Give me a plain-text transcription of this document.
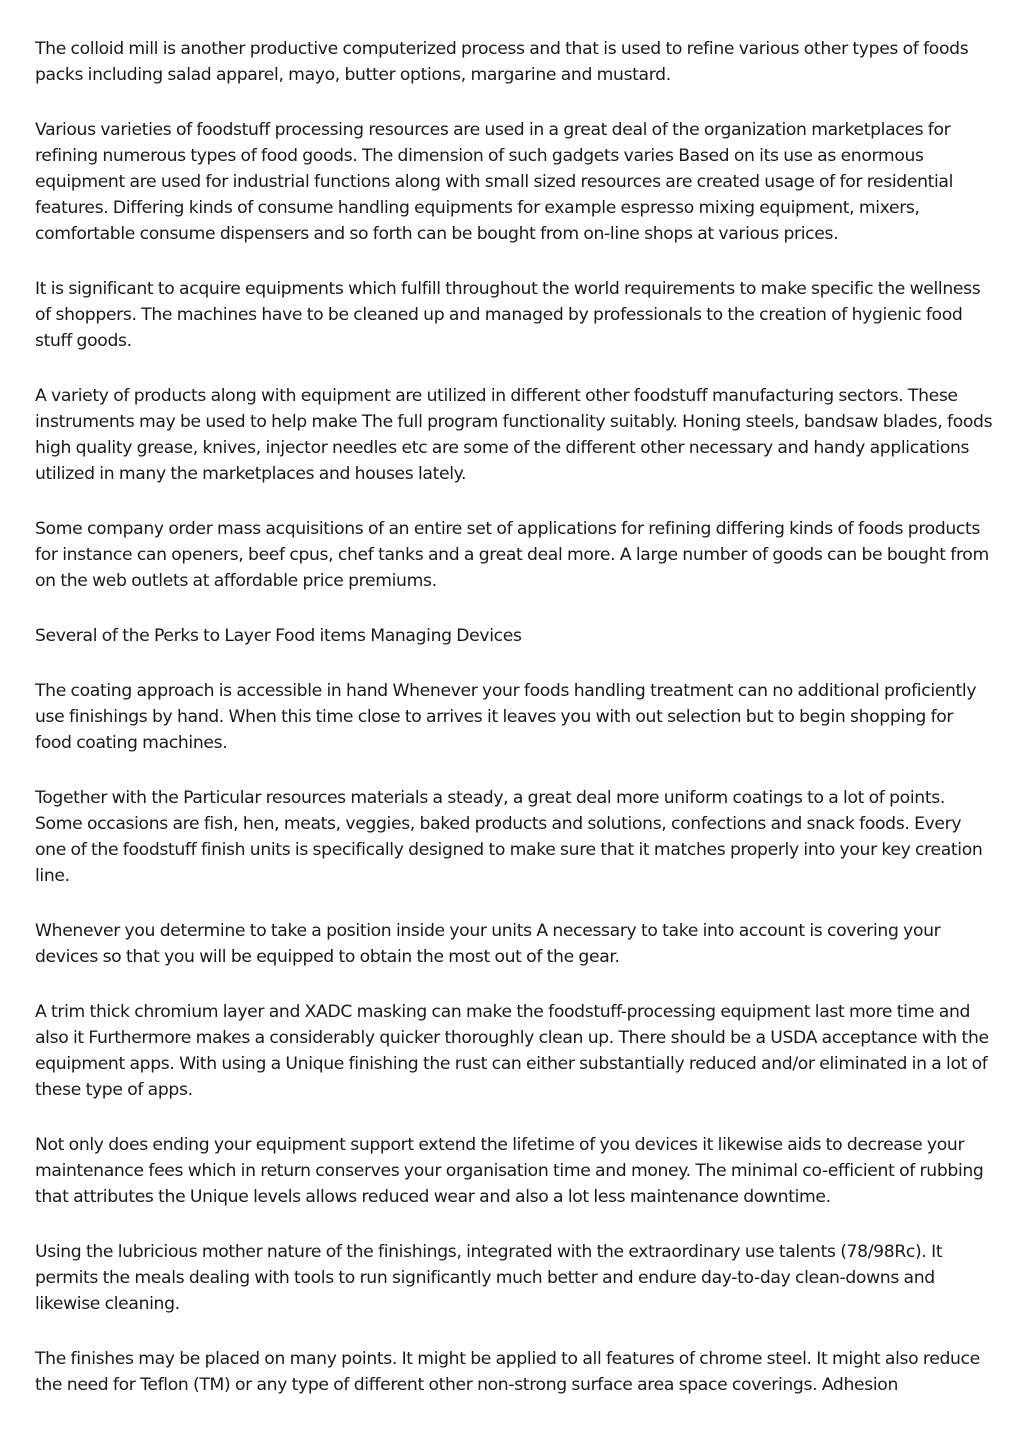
The colloid mill is another productive computerized process and that is used to refine various other types of foods packs including salad apparel, mayo, butter options, margarine and mustard.

Various varieties of foodstuff processing resources are used in a great deal of the organization marketplaces for refining numerous types of food goods. The dimension of such gadgets varies Based on its use as enormous equipment are used for industrial functions along with small sized resources are created usage of for residential features. Differing kinds of consume handling equipments for example espresso mixing equipment, mixers, comfortable consume dispensers and so forth can be bought from on-line shops at various prices.

It is significant to acquire equipments which fulfill throughout the world requirements to make specific the wellness of shoppers. The machines have to be cleaned up and managed by professionals to the creation of hygienic food stuff goods.

A variety of products along with equipment are utilized in different other foodstuff manufacturing sectors. These instruments may be used to help make The full program functionality suitably. Honing steels, bandsaw blades, foods high quality grease, knives, injector needles etc are some of the different other necessary and handy applications utilized in many the marketplaces and houses lately.

Some company order mass acquisitions of an entire set of applications for refining differing kinds of foods products for instance can openers, beef cpus, chef tanks and a great deal more. A large number of goods can be bought from on the web outlets at affordable price premiums.

Several of the Perks to Layer Food items Managing Devices

The coating approach is accessible in hand Whenever your foods handling treatment can no additional proficiently use finishings by hand. When this time close to arrives it leaves you with out selection but to begin shopping for food coating machines.

Together with the Particular resources materials a steady, a great deal more uniform coatings to a lot of points. Some occasions are fish, hen, meats, veggies, baked products and solutions, confections and snack foods. Every one of the foodstuff finish units is specifically designed to make sure that it matches properly into your key creation line.

Whenever you determine to take a position inside your units A necessary to take into account is covering your devices so that you will be equipped to obtain the most out of the gear.

A trim thick chromium layer and XADC masking can make the foodstuff-processing equipment last more time and also it Furthermore makes a considerably quicker thoroughly clean up. There should be a USDA acceptance with the equipment apps. With using a Unique finishing the rust can either substantially reduced and/or eliminated in a lot of these type of apps.

Not only does ending your equipment support extend the lifetime of you devices it likewise aids to decrease your maintenance fees which in return conserves your organisation time and money. The minimal co-efficient of rubbing that attributes the Unique levels allows reduced wear and also a lot less maintenance downtime.

Using the lubricious mother nature of the finishings, integrated with the extraordinary use talents (78/98Rc). It permits the meals dealing with tools to run significantly much better and endure day-to-day clean-downs and likewise cleaning.

The finishes may be placed on many points. It might be applied to all features of chrome steel. It might also reduce the need for Teflon (TM) or any type of different other non-strong surface area space coverings. Adhesion
